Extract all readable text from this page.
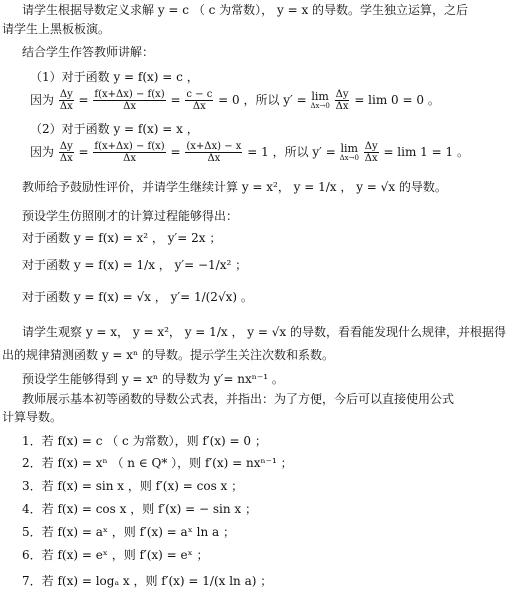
请学生根据导数定义求解 y = c （ c 为常数）， y = x 的导数。学生独立运算，之后
请学生上黑板板演。
结合学生作答教师讲解：
（1）对于函数 y = f(x) = c ，
因为 $\frac{\Delta y}{\Delta x} = \frac{f(x+\Delta x) - f(x)}{\Delta x} = \frac{c - c}{\Delta x} = 0$ ，所以 y′ = lim
Δx→0
$\frac{\Delta y}{\Delta x} = \lim 0 = 0$ 。
（2）对于函数 y = f(x) = x ，
因为 $\frac{\Delta y}{\Delta x} = \frac{f(x+\Delta x) - f(x)}{\Delta x} = \frac{(x+\Delta x) - x}{\Delta x} = 1$ ，所以 y′ = lim
Δx→0
$\frac{\Delta y}{\Delta x} = \lim 1 = 1$ 。
教师给予鼓励性评价，并请学生继续计算 y = x²， y = 1/x ， y = √x 的导数。
预设学生仿照刚才的计算过程能够得出：
对于函数 y = f(x) = x² ， y′= 2x ；
对于函数 y = f(x) = 1/x ， y′= −1/x² ；
对于函数 y = f(x) = √x ， y′= 1/(2√x) 。
请学生观察 y = x， y = x²， y = 1/x ， y = √x 的导数，看看能发现什么规律，并根据得
出的规律猜测函数 y = xⁿ 的导数。提示学生关注次数和系数。
预设学生能够得到 y = xⁿ 的导数为 y′= nxⁿ⁻¹ 。
教师展示基本初等函数的导数公式表，并指出：为了方便，今后可以直接使用公式
计算导数。
1．若 f(x) = c （ c 为常数），则 f′(x) = 0 ；
2．若 f(x) = xⁿ （ n ∈ Q* ），则 f′(x) = nxⁿ⁻¹ ；
3．若 f(x) = sin x ，则 f′(x) = cos x ；
4．若 f(x) = cos x ，则 f′(x) = − sin x ；
5．若 f(x) = aˣ ，则 f′(x) = aˣ ln a ；
6．若 f(x) = eˣ ，则 f′(x) = eˣ ；
7．若 f(x) = logₐ x ，则 f′(x) = 1/(x ln a) ；
